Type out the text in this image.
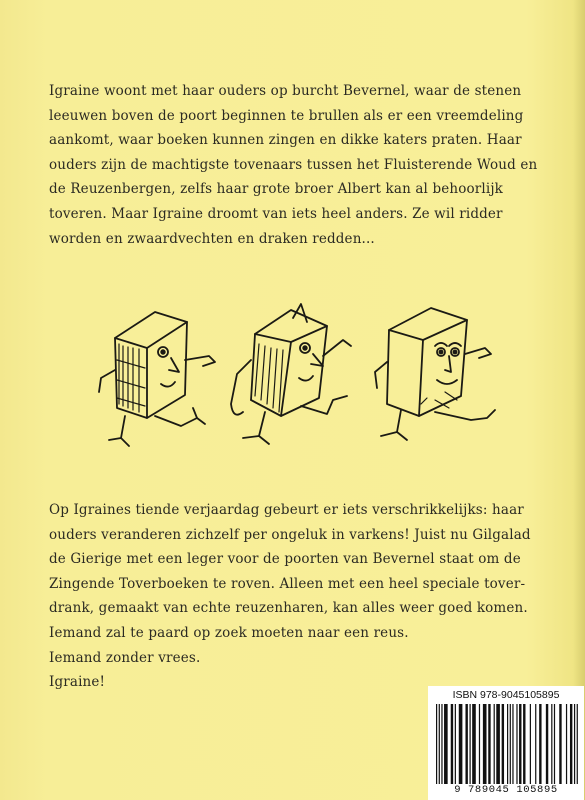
Igraine woont met haar ouders op burcht Bevernel, waar de stenen
leeuwen boven de poort beginnen te brullen als er een vreemdeling
aankomt, waar boeken kunnen zingen en dikke katers praten. Haar
ouders zijn de machtigste tovenaars tussen het Fluisterende Woud en
de Reuzenbergen, zelfs haar grote broer Albert kan al behoorlijk
toveren. Maar Igraine droomt van iets heel anders. Ze wil ridder
worden en zwaardvechten en draken redden...

Op Igraines tiende verjaardag gebeurt er iets verschrikkelijks: haar
ouders veranderen zichzelf per ongeluk in varkens! Juist nu Gilgalad
de Gierige met een leger voor de poorten van Bevernel staat om de
Zingende Toverboeken te roven. Alleen met een heel speciale tover-
drank, gemaakt van echte reuzenharen, kan alles weer goed komen.
Iemand zal te paard op zoek moeten naar een reus.
Iemand zonder vrees.
Igraine!

ISBN 978-9045105895
9 789045 105895
